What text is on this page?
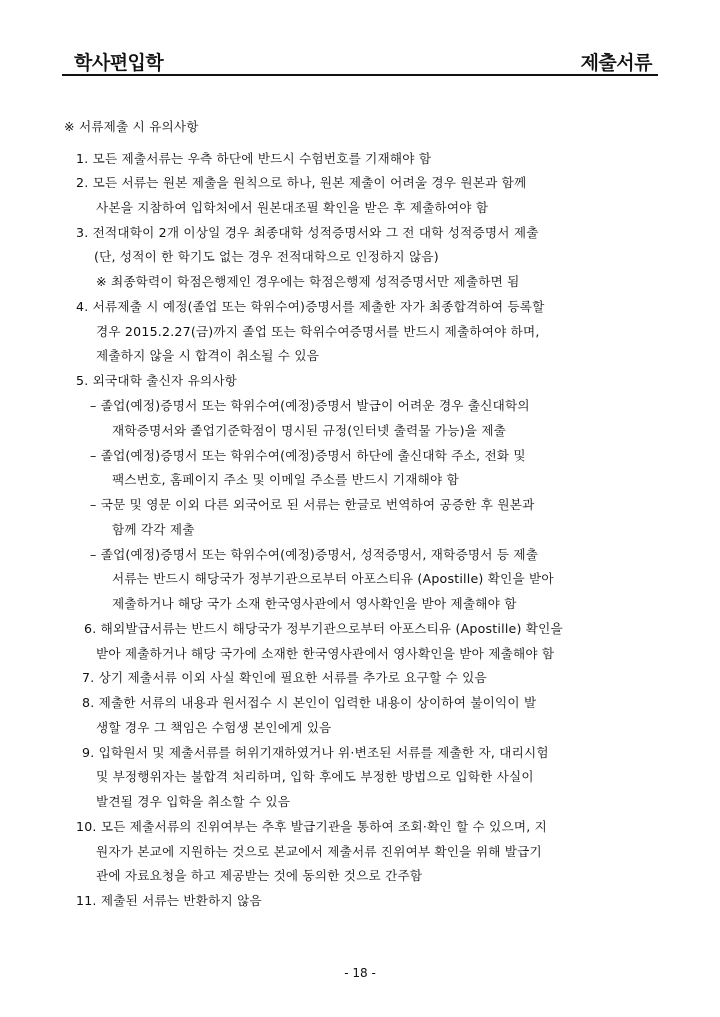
학사편입학	제출서류
※ 서류제출 시 유의사항
1. 모든 제출서류는 우측 하단에 반드시 수험번호를 기재해야 함
2. 모든 서류는 원본 제출을 원칙으로 하나, 원본 제출이 어려울 경우 원본과 함께
사본을 지참하여 입학처에서 원본대조필 확인을 받은 후 제출하여야 함
3. 전적대학이 2개 이상일 경우 최종대학 성적증명서와 그 전 대학 성적증명서 제출
(단, 성적이 한 학기도 없는 경우 전적대학으로 인정하지 않음)
※ 최종학력이 학점은행제인 경우에는 학점은행제 성적증명서만 제출하면 됨
4. 서류제출 시 예정(졸업 또는 학위수여)증명서를 제출한 자가 최종합격하여 등록할
경우 2015.2.27(금)까지 졸업 또는 학위수여증명서를 반드시 제출하여야 하며,
제출하지 않을 시 합격이 취소될 수 있음
5. 외국대학 출신자 유의사항
– 졸업(예정)증명서 또는 학위수여(예정)증명서 발급이 어려운 경우 출신대학의
재학증명서와 졸업기준학점이 명시된 규정(인터넷 출력물 가능)을 제출
– 졸업(예정)증명서 또는 학위수여(예정)증명서 하단에 출신대학 주소, 전화 및
팩스번호, 홈페이지 주소 및 이메일 주소를 반드시 기재해야 함
– 국문 및 영문 이외 다른 외국어로 된 서류는 한글로 번역하여 공증한 후 원본과
함께 각각 제출
– 졸업(예정)증명서 또는 학위수여(예정)증명서, 성적증명서, 재학증명서 등 제출
서류는 반드시 해당국가 정부기관으로부터 아포스티유 (Apostille) 확인을 받아
제출하거나 해당 국가 소재 한국영사관에서 영사확인을 받아 제출해야 함
6. 해외발급서류는 반드시 해당국가 정부기관으로부터 아포스티유 (Apostille) 확인을
받아 제출하거나 해당 국가에 소재한 한국영사관에서 영사확인을 받아 제출해야 함
7. 상기 제출서류 이외 사실 확인에 필요한 서류를 추가로 요구할 수 있음
8. 제출한 서류의 내용과 원서접수 시 본인이 입력한 내용이 상이하여 불이익이 발
생할 경우 그 책임은 수험생 본인에게 있음
9. 입학원서 및 제출서류를 허위기재하였거나 위·변조된 서류를 제출한 자, 대리시험
및 부정행위자는 불합격 처리하며, 입학 후에도 부정한 방법으로 입학한 사실이
발견될 경우 입학을 취소할 수 있음
10. 모든 제출서류의 진위여부는 추후 발급기관을 통하여 조회·확인 할 수 있으며, 지
원자가 본교에 지원하는 것으로 본교에서 제출서류 진위여부 확인을 위해 발급기
관에 자료요청을 하고 제공받는 것에 동의한 것으로 간주함
11. 제출된 서류는 반환하지 않음
- 18 -
